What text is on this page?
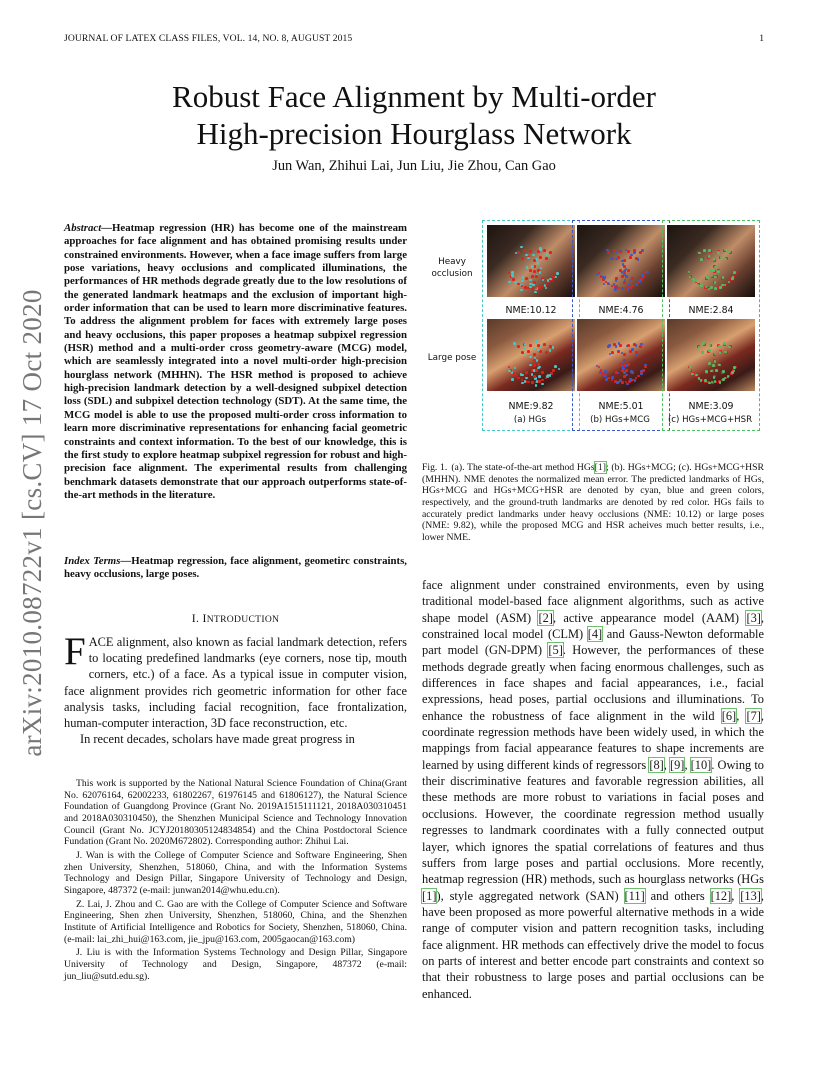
JOURNAL OF LATEX CLASS FILES, VOL. 14, NO. 8, AUGUST 2015	1
arXiv:2010.08722v1 [cs.CV] 17 Oct 2020
Robust Face Alignment by Multi-order
High-precision Hourglass Network
Jun Wan, Zhihui Lai, Jun Liu, Jie Zhou, Can Gao
Abstract—Heatmap regression (HR) has become one of the mainstream approaches for face alignment and has obtained promising results under constrained environments. However, when a face image suffers from large pose variations, heavy occlusions and complicated illuminations, the performances of HR methods degrade greatly due to the low resolutions of the generated landmark heatmaps and the exclusion of important high-order information that can be used to learn more discriminative features. To address the alignment problem for faces with extremely large poses and heavy occlusions, this paper proposes a heatmap subpixel regression (HSR) method and a multi-order cross geometry-aware (MCG) model, which are seamlessly integrated into a novel multi-order high-precision hourglass network (MHHN). The HSR method is proposed to achieve high-precision landmark detection by a well-designed subpixel detection loss (SDL) and subpixel detection technology (SDT). At the same time, the MCG model is able to use the proposed multi-order cross information to learn more discriminative representations for enhancing facial geometric constraints and context information. To the best of our knowledge, this is the first study to explore heatmap subpixel regression for robust and high-precision face alignment. The experimental results from challenging benchmark datasets demonstrate that our approach outperforms state-of-the-art methods in the literature.
Index Terms—Heatmap regression, face alignment, geometirc constraints, heavy occlusions, large poses.
I. INTRODUCTION

FACE alignment, also known as facial landmark detection, refers to locating predefined landmarks (eye corners, nose tip, mouth corners, etc.) of a face. As a typical issue in computer vision, face alignment provides rich geometric information for other face analysis tasks, including facial recognition, face frontalization, human-computer interaction, 3D face reconstruction, etc.

In recent decades, scholars have made great progress in

This work is supported by the National Natural Science Foundation of China(Grant No. 62076164, 62002233, 61802267, 61976145 and 61806127), the Natural Science Foundation of Guangdong Province (Grant No. 2019A1515111121, 2018A030310451 and 2018A030310450), the Shenzhen Municipal Science and Technology Innovation Council (Grant No. JCYJ20180305124834854) and the China Postdoctoral Science Fundation (Grant No. 2020M672802). Corresponding author: Zhihui Lai.

J. Wan is with the College of Computer Science and Software Engineering, Shen zhen University, Shenzhen, 518060, China, and with the Information Systems Technology and Design Pillar, Singapore University of Technology and Design, Singapore, 487372 (e-mail: junwan2014@whu.edu.cn).

Z. Lai, J. Zhou and C. Gao are with the College of Computer Science and Software Engineering, Shen zhen University, Shenzhen, 518060, China, and the Shenzhen Institute of Artificial Intelligence and Robotics for Society, Shenzhen, 518060, China.(e-mail: lai_zhi_hui@163.com, jie_jpu@163.com, 2005gaocan@163.com)

J. Liu is with the Information Systems Technology and Design Pillar, Singapore University of Technology and Design, Singapore, 487372 (e-mail: jun_liu@sutd.edu.sg).

Heavy occlusion
Large pose
NME:10.12
NME:9.82
NME:4.76
NME:5.01
NME:2.84
NME:3.09
(a) HGs	(b) HGs+MCG	(c) HGs+MCG+HSR
Fig. 1. (a). The state-of-the-art method HGs[1]; (b). HGs+MCG; (c). HGs+MCG+HSR (MHHN). NME denotes the normalized mean error. The predicted landmarks of HGs, HGs+MCG and HGs+MCG+HSR are denoted by cyan, blue and green colors, respectively, and the ground-truth landmarks are denoted by red color. HGs fails to accurately predict landmarks under heavy occlusions (NME: 10.12) or large poses (NME: 9.82), while the proposed MCG and HSR acheives much better results, i.e., lower NME.

face alignment under constrained environments, even by using traditional model-based face alignment algorithms, such as active shape model (ASM) [2], active appearance model (AAM) [3], constrained local model (CLM) [4] and Gauss-Newton deformable part model (GN-DPM) [5]. However, the performances of these methods degrade greatly when facing enormous challenges, such as differences in face shapes and facial appearances, i.e., facial expressions, head poses, partial occlusions and illuminations. To enhance the robustness of face alignment in the wild [6], [7], coordinate regression methods have been widely used, in which the mappings from facial appearance features to shape increments are learned by using different kinds of regressors [8], [9], [10]. Owing to their discriminative features and favorable regression abilities, all these methods are more robust to variations in facial poses and occlusions. However, the coordinate regression method usually regresses to landmark coordinates with a fully connected output layer, which ignores the spatial correlations of features and thus suffers from large poses and partial occlusions. More recently, heatmap regression (HR) methods, such as hourglass networks (HGs [1]), style aggregated network (SAN) [11] and others [12], [13], have been proposed as more powerful alternative methods in a wide range of computer vision and pattern recognition tasks, including face alignment. HR methods can effectively drive the model to focus on parts of interest and better encode part constraints and context so that their robustness to large poses and partial occlusions can be enhanced.
